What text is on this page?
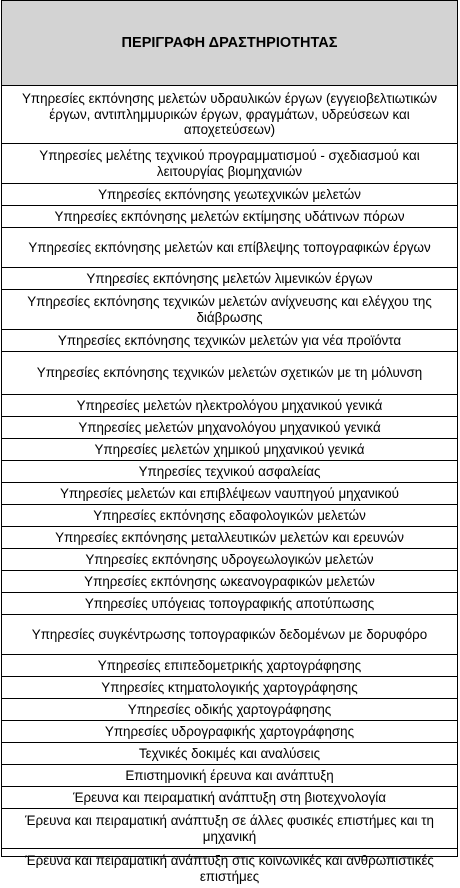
ΠΕΡΙΓΡΑΦΗ ΔΡΑΣΤΗΡΙΟΤΗΤΑΣ
Υπηρεσίες εκπόνησης μελετών υδραυλικών έργων (εγγειοβελτιωτικών έργων, αντιπλημμυρικών έργων, φραγμάτων, υδρεύσεων και αποχετεύσεων)
Υπηρεσίες μελέτης τεχνικού προγραμματισμού - σχεδιασμού και λειτουργίας βιομηχανιών
Υπηρεσίες εκπόνησης γεωτεχνικών μελετών
Υπηρεσίες εκπόνησης μελετών εκτίμησης υδάτινων πόρων
Υπηρεσίες εκπόνησης μελετών και επίβλεψης τοπογραφικών έργων
Υπηρεσίες εκπόνησης μελετών λιμενικών έργων
Υπηρεσίες εκπόνησης τεχνικών μελετών ανίχνευσης και ελέγχου της διάβρωσης
Υπηρεσίες εκπόνησης τεχνικών μελετών για νέα προϊόντα
Υπηρεσίες εκπόνησης τεχνικών μελετών σχετικών με τη μόλυνση
Υπηρεσίες μελετών ηλεκτρολόγου μηχανικού γενικά
Υπηρεσίες μελετών μηχανολόγου μηχανικού γενικά
Υπηρεσίες μελετών χημικού μηχανικού γενικά
Υπηρεσίες τεχνικού ασφαλείας
Υπηρεσίες μελετών και επιβλέψεων ναυπηγού μηχανικού
Υπηρεσίες εκπόνησης εδαφολογικών μελετών
Υπηρεσίες εκπόνησης μεταλλευτικών μελετών και ερευνών
Υπηρεσίες εκπόνησης υδρογεωλογικών μελετών
Υπηρεσίες εκπόνησης ωκεανογραφικών μελετών
Υπηρεσίες υπόγειας τοπογραφικής αποτύπωσης
Υπηρεσίες συγκέντρωσης τοπογραφικών δεδομένων με δορυφόρο
Υπηρεσίες επιπεδομετρικής χαρτογράφησης
Υπηρεσίες κτηματολογικής χαρτογράφησης
Υπηρεσίες οδικής χαρτογράφησης
Υπηρεσίες υδρογραφικής χαρτογράφησης
Τεχνικές δοκιμές και αναλύσεις
Επιστημονική έρευνα και ανάπτυξη
Έρευνα και πειραματική ανάπτυξη στη βιοτεχνολογία
Έρευνα και πειραματική ανάπτυξη σε άλλες φυσικές επιστήμες και τη μηχανική
Έρευνα και πειραματική ανάπτυξη στις κοινωνικές και ανθρωπιστικές επιστήμες
